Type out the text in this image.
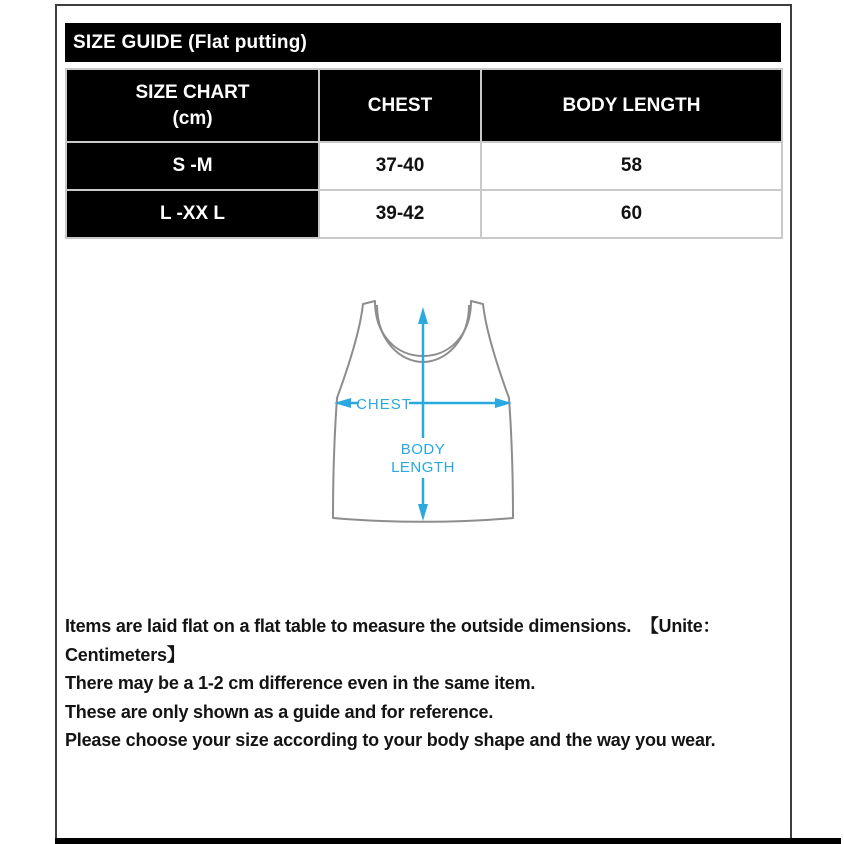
SIZE GUIDE (Flat putting)
SIZE CHART
(cm)	CHEST	BODY LENGTH
S -M	37-40	58
L -XX L	39-42	60
CHEST
BODY
LENGTH
Items are laid flat on a flat table to measure the outside dimensions.  【Unite：
Centimeters】
There may be a 1-2 cm difference even in the same item.
These are only shown as a guide and for reference.
Please choose your size according to your body shape and the way you wear.
